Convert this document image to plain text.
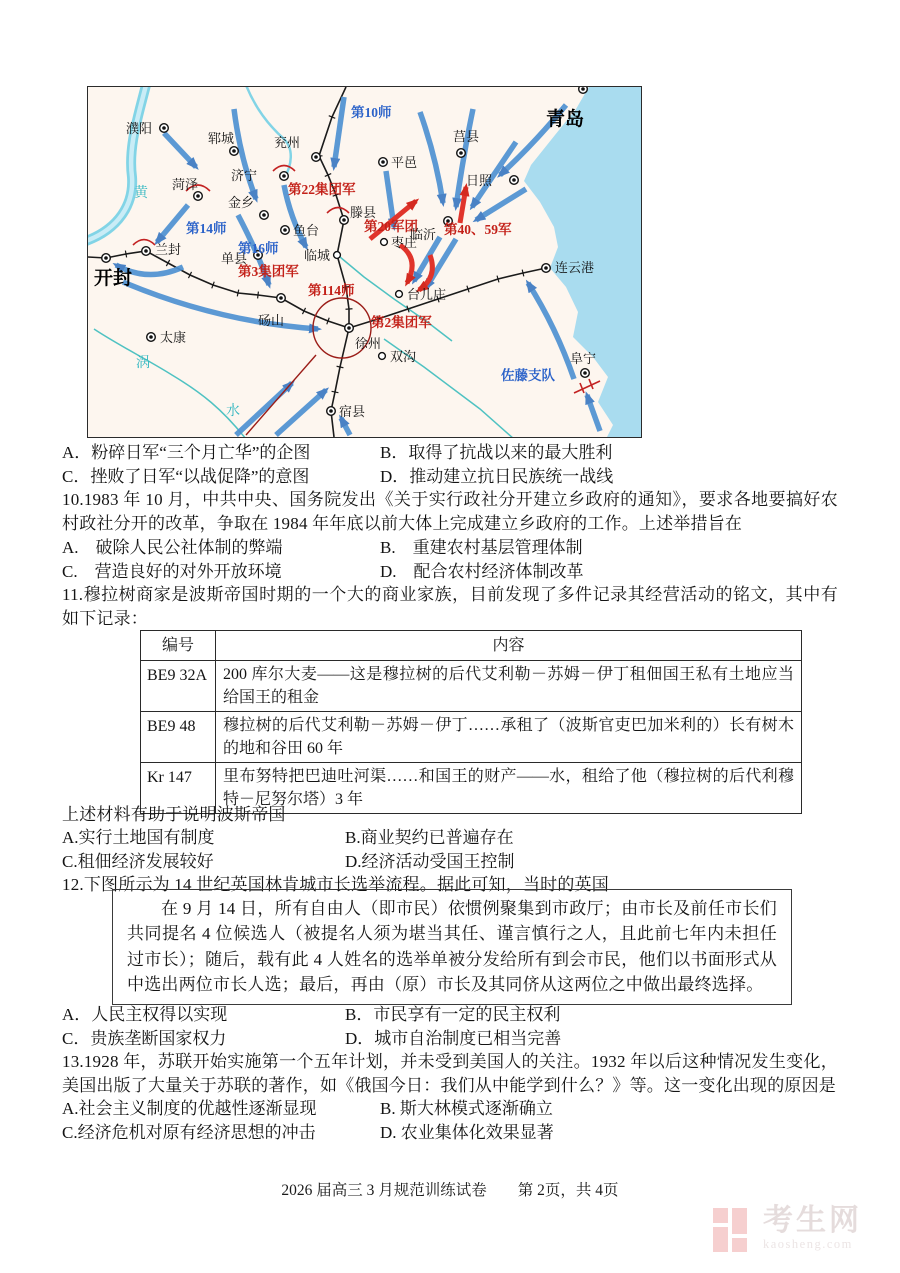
濮阳
郓城	兖州
第10师
莒县
青岛
平邑
日照
菏泽
济宁
第22集团军
金乡
黄
第14师
兰封
单县
鱼台
滕县
第20军团
临沂 第40、59军
枣庄
临城
第16师
第3集团军	连云港
第114师	台儿庄
砀山	第2集团军
开封
徐州
双沟
太康
涡
水	宿县
佐藤支队
阜宁
A．粉碎日军“三个月亡华”的企图	B．取得了抗战以来的最大胜利
C．挫败了日军“以战促降”的意图	D．推动建立抗日民族统一战线

10.1983 年 10 月，中共中央、国务院发出《关于实行政社分开建立乡政府的通知》，要求各地要搞好农村政社分开的改革，争取在 1984 年年底以前大体上完成建立乡政府的工作。上述举措旨在

A.　破除人民公社体制的弊端	B.　重建农村基层管理体制
C.　营造良好的对外开放环境	D.　配合农村经济体制改革

11.穆拉树商家是波斯帝国时期的一个大的商业家族，目前发现了多件记录其经营活动的铭文，其中有如下记录：

编号	内容
BE9 32A	200 库尔大麦——这是穆拉树的后代艾利勒－苏姆－伊丁租佃国王私有土地应当给国王的租金
BE9 48	穆拉树的后代艾利勒－苏姆－伊丁……承租了（波斯官吏巴加米利的）长有树木的地和谷田 60 年
Kr 147	里布努特把巴迪吐河渠……和国王的财产——水，租给了他（穆拉树的后代利穆特－尼努尔塔）3 年

上述材料有助于说明波斯帝国

A.实行土地国有制度	B.商业契约已普遍存在
C.租佃经济发展较好	D.经济活动受国王控制

12.下图所示为 14 世纪英国林肯城市长选举流程。据此可知，当时的英国

在 9 月 14 日，所有自由人（即市民）依惯例聚集到市政厅；由市长及前任市长们共同提名 4 位候选人（被提名人须为堪当其任、谨言慎行之人，且此前七年内未担任过市长）；随后，载有此 4 人姓名的选举单被分发给所有到会市民，他们以书面形式从中选出两位市长人选；最后，再由（原）市长及其同侪从这两位之中做出最终选择。
A．人民主权得以实现	B．市民享有一定的民主权利
C．贵族垄断国家权力	D．城市自治制度已相当完善

13.1928 年，苏联开始实施第一个五年计划，并未受到美国人的关注。1932 年以后这种情况发生变化，美国出版了大量关于苏联的著作，如《俄国今日：我们从中能学到什么？》等。这一变化出现的原因是

A.社会主义制度的优越性逐渐显现	B. 斯大林模式逐渐确立
C.经济危机对原有经济思想的冲击	D. 农业集体化效果显著
2026 届高三 3 月规范训练试卷　　第 2页，共 4页
考生网
kaosheng.com
